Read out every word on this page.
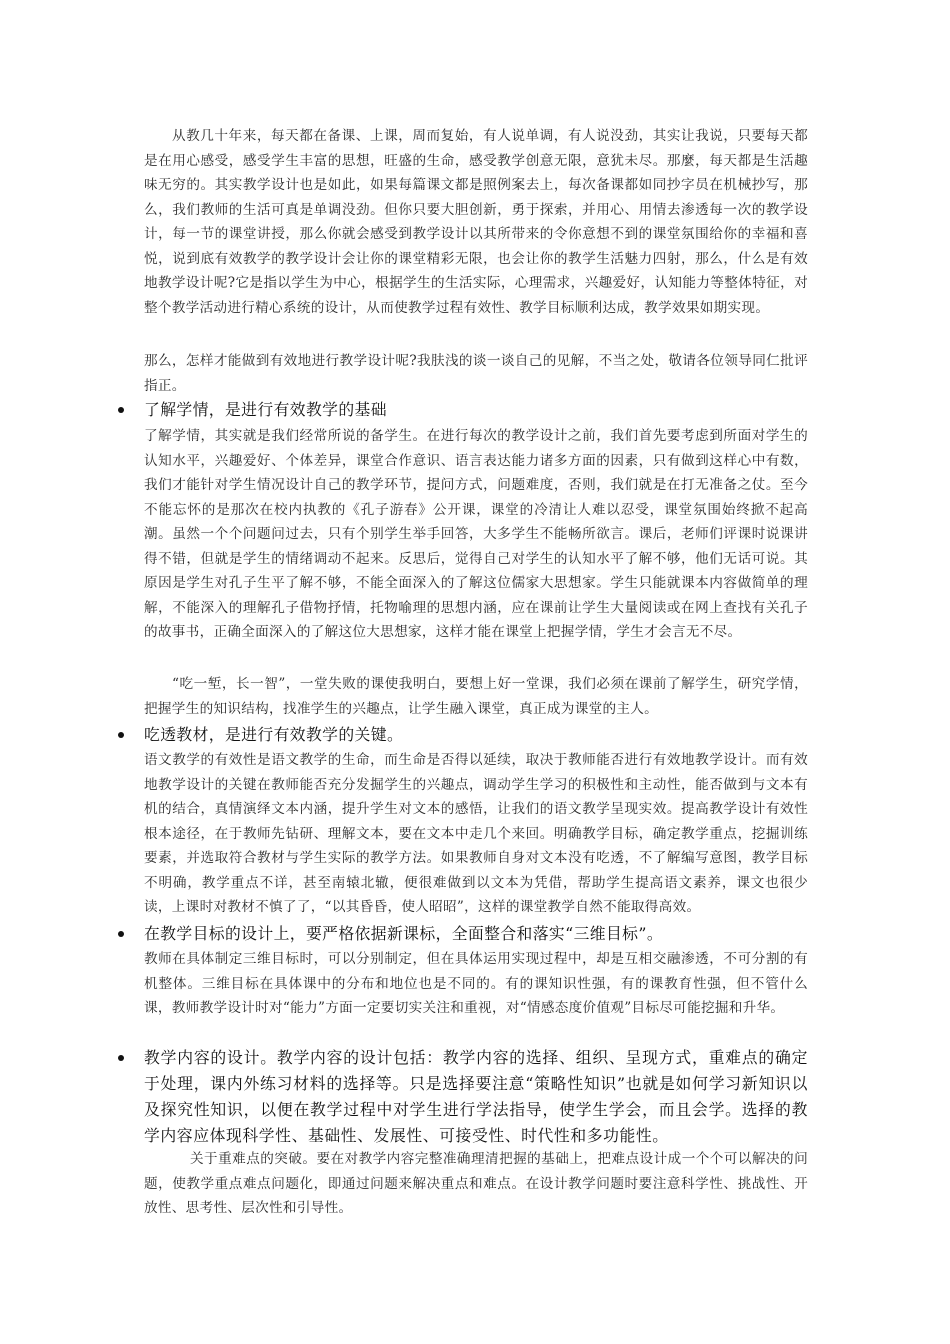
从教几十年来，每天都在备课、上课，周而复始，有人说单调，有人说没劲，其实让我说，只要每天都是在用心感受，感受学生丰富的思想，旺盛的生命，感受教学创意无限，意犹未尽。那麼，每天都是生活趣味无穷的。其实教学设计也是如此，如果每篇课文都是照例案去上，每次备课都如同抄字员在机械抄写，那么，我们教师的生活可真是单调没劲。但你只要大胆创新，勇于探索，并用心、用情去渗透每一次的教学设计，每一节的课堂讲授，那么你就会感受到教学设计以其所带来的令你意想不到的课堂氛围给你的幸福和喜悦，说到底有效教学的教学设计会让你的课堂精彩无限，也会让你的教学生活魅力四射，那么，什么是有效地教学设计呢?它是指以学生为中心，根据学生的生活实际，心理需求，兴趣爱好，认知能力等整体特征，对整个教学活动进行精心系统的设计，从而使教学过程有效性、教学目标顺利达成，教学效果如期实现。

那么，怎样才能做到有效地进行教学设计呢?我肤浅的谈一谈自己的见解，不当之处，敬请各位领导同仁批评指正。

了解学情，是进行有效教学的基础

了解学情，其实就是我们经常所说的备学生。在进行每次的教学设计之前，我们首先要考虑到所面对学生的认知水平，兴趣爱好、个体差异，课堂合作意识、语言表达能力诸多方面的因素，只有做到这样心中有数，我们才能针对学生情况设计自己的教学环节，提问方式，问题难度，否则，我们就是在打无准备之仗。至今不能忘怀的是那次在校内执教的《孔子游春》公开课，课堂的冷清让人难以忍受，课堂氛围始终掀不起高潮。虽然一个个问题问过去，只有个别学生举手回答，大多学生不能畅所欲言。课后，老师们评课时说课讲得不错，但就是学生的情绪调动不起来。反思后，觉得自己对学生的认知水平了解不够，他们无话可说。其原因是学生对孔子生平了解不够，不能全面深入的了解这位儒家大思想家。学生只能就课本内容做简单的理解，不能深入的理解孔子借物抒情，托物喻理的思想内涵，应在课前让学生大量阅读或在网上查找有关孔子的故事书，正确全面深入的了解这位大思想家，这样才能在课堂上把握学情，学生才会言无不尽。

“吃一堑，长一智”，一堂失败的课使我明白，要想上好一堂课，我们必须在课前了解学生，研究学情，把握学生的知识结构，找准学生的兴趣点，让学生融入课堂，真正成为课堂的主人。

吃透教材，是进行有效教学的关键。

语文教学的有效性是语文教学的生命，而生命是否得以延续，取决于教师能否进行有效地教学设计。而有效地教学设计的关键在教师能否充分发掘学生的兴趣点，调动学生学习的积极性和主动性，能否做到与文本有机的结合，真情演绎文本内涵，提升学生对文本的感悟，让我们的语文教学呈现实效。提高教学设计有效性根本途径，在于教师先钻研、理解文本，要在文本中走几个来回。明确教学目标，确定教学重点，挖掘训练要素，并选取符合教材与学生实际的教学方法。如果教师自身对文本没有吃透，不了解编写意图，教学目标不明确，教学重点不详，甚至南辕北辙，便很难做到以文本为凭借，帮助学生提高语文素养，课文也很少读，上课时对教材不慎了了，“以其昏昏，使人昭昭”，这样的课堂教学自然不能取得高效。

在教学目标的设计上，要严格依据新课标，全面整合和落实“三维目标”。

教师在具体制定三维目标时，可以分别制定，但在具体运用实现过程中，却是互相交融渗透，不可分割的有机整体。三维目标在具体课中的分布和地位也是不同的。有的课知识性强，有的课教育性强，但不管什么课，教师教学设计时对“能力”方面一定要切实关注和重视，对“情感态度价值观”目标尽可能挖掘和升华。

教学内容的设计。教学内容的设计包括：教学内容的选择、组织、呈现方式，重难点的确定于处理，课内外练习材料的选择等。只是选择要注意“策略性知识”也就是如何学习新知识以及探究性知识，以便在教学过程中对学生进行学法指导，使学生学会，而且会学。选择的教学内容应体现科学性、基础性、发展性、可接受性、时代性和多功能性。

关于重难点的突破。要在对教学内容完整准确理清把握的基础上，把难点设计成一个个可以解决的问题，使教学重点难点问题化，即通过问题来解决重点和难点。在设计教学问题时要注意科学性、挑战性、开放性、思考性、层次性和引导性。
